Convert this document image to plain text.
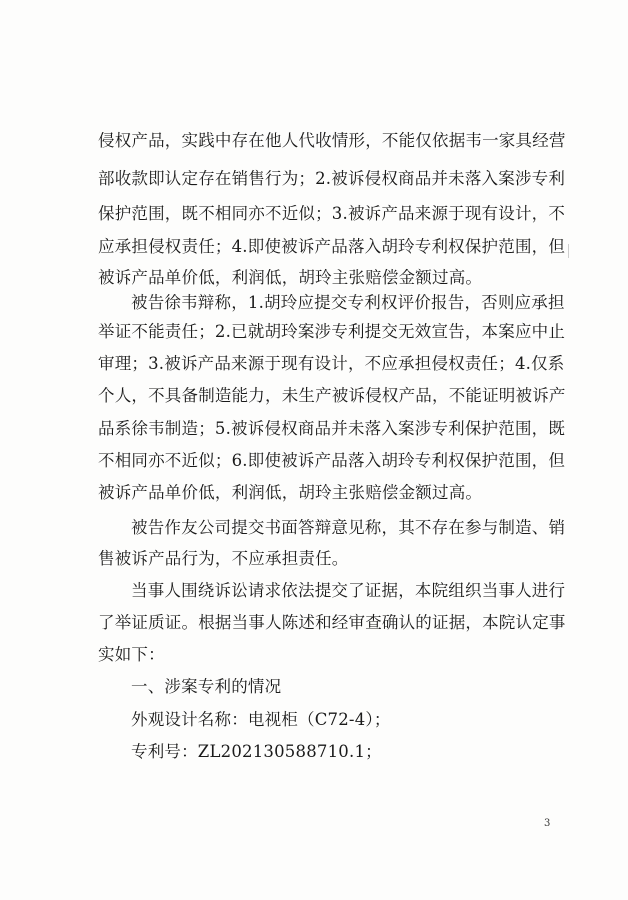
侵权产品，实践中存在他人代收情形，不能仅依据韦一家具经营
部收款即认定存在销售行为；2.被诉侵权商品并未落入案涉专利
保护范围，既不相同亦不近似；3.被诉产品来源于现有设计，不
应承担侵权责任；4.即使被诉产品落入胡玲专利权保护范围，但
被诉产品单价低，利润低，胡玲主张赔偿金额过高。
被告徐韦辩称，1.胡玲应提交专利权评价报告，否则应承担
举证不能责任；2.已就胡玲案涉专利提交无效宣告，本案应中止
审理；3.被诉产品来源于现有设计，不应承担侵权责任；4.仅系
个人，不具备制造能力，未生产被诉侵权产品，不能证明被诉产
品系徐韦制造；5.被诉侵权商品并未落入案涉专利保护范围，既
不相同亦不近似；6.即使被诉产品落入胡玲专利权保护范围，但
被诉产品单价低，利润低，胡玲主张赔偿金额过高。
被告作友公司提交书面答辩意见称，其不存在参与制造、销
售被诉产品行为，不应承担责任。
当事人围绕诉讼请求依法提交了证据，本院组织当事人进行
了举证质证。根据当事人陈述和经审查确认的证据，本院认定事
实如下：
一、涉案专利的情况
外观设计名称：电视柜（C72-4）；
专利号：ZL202130588710.1；
3
